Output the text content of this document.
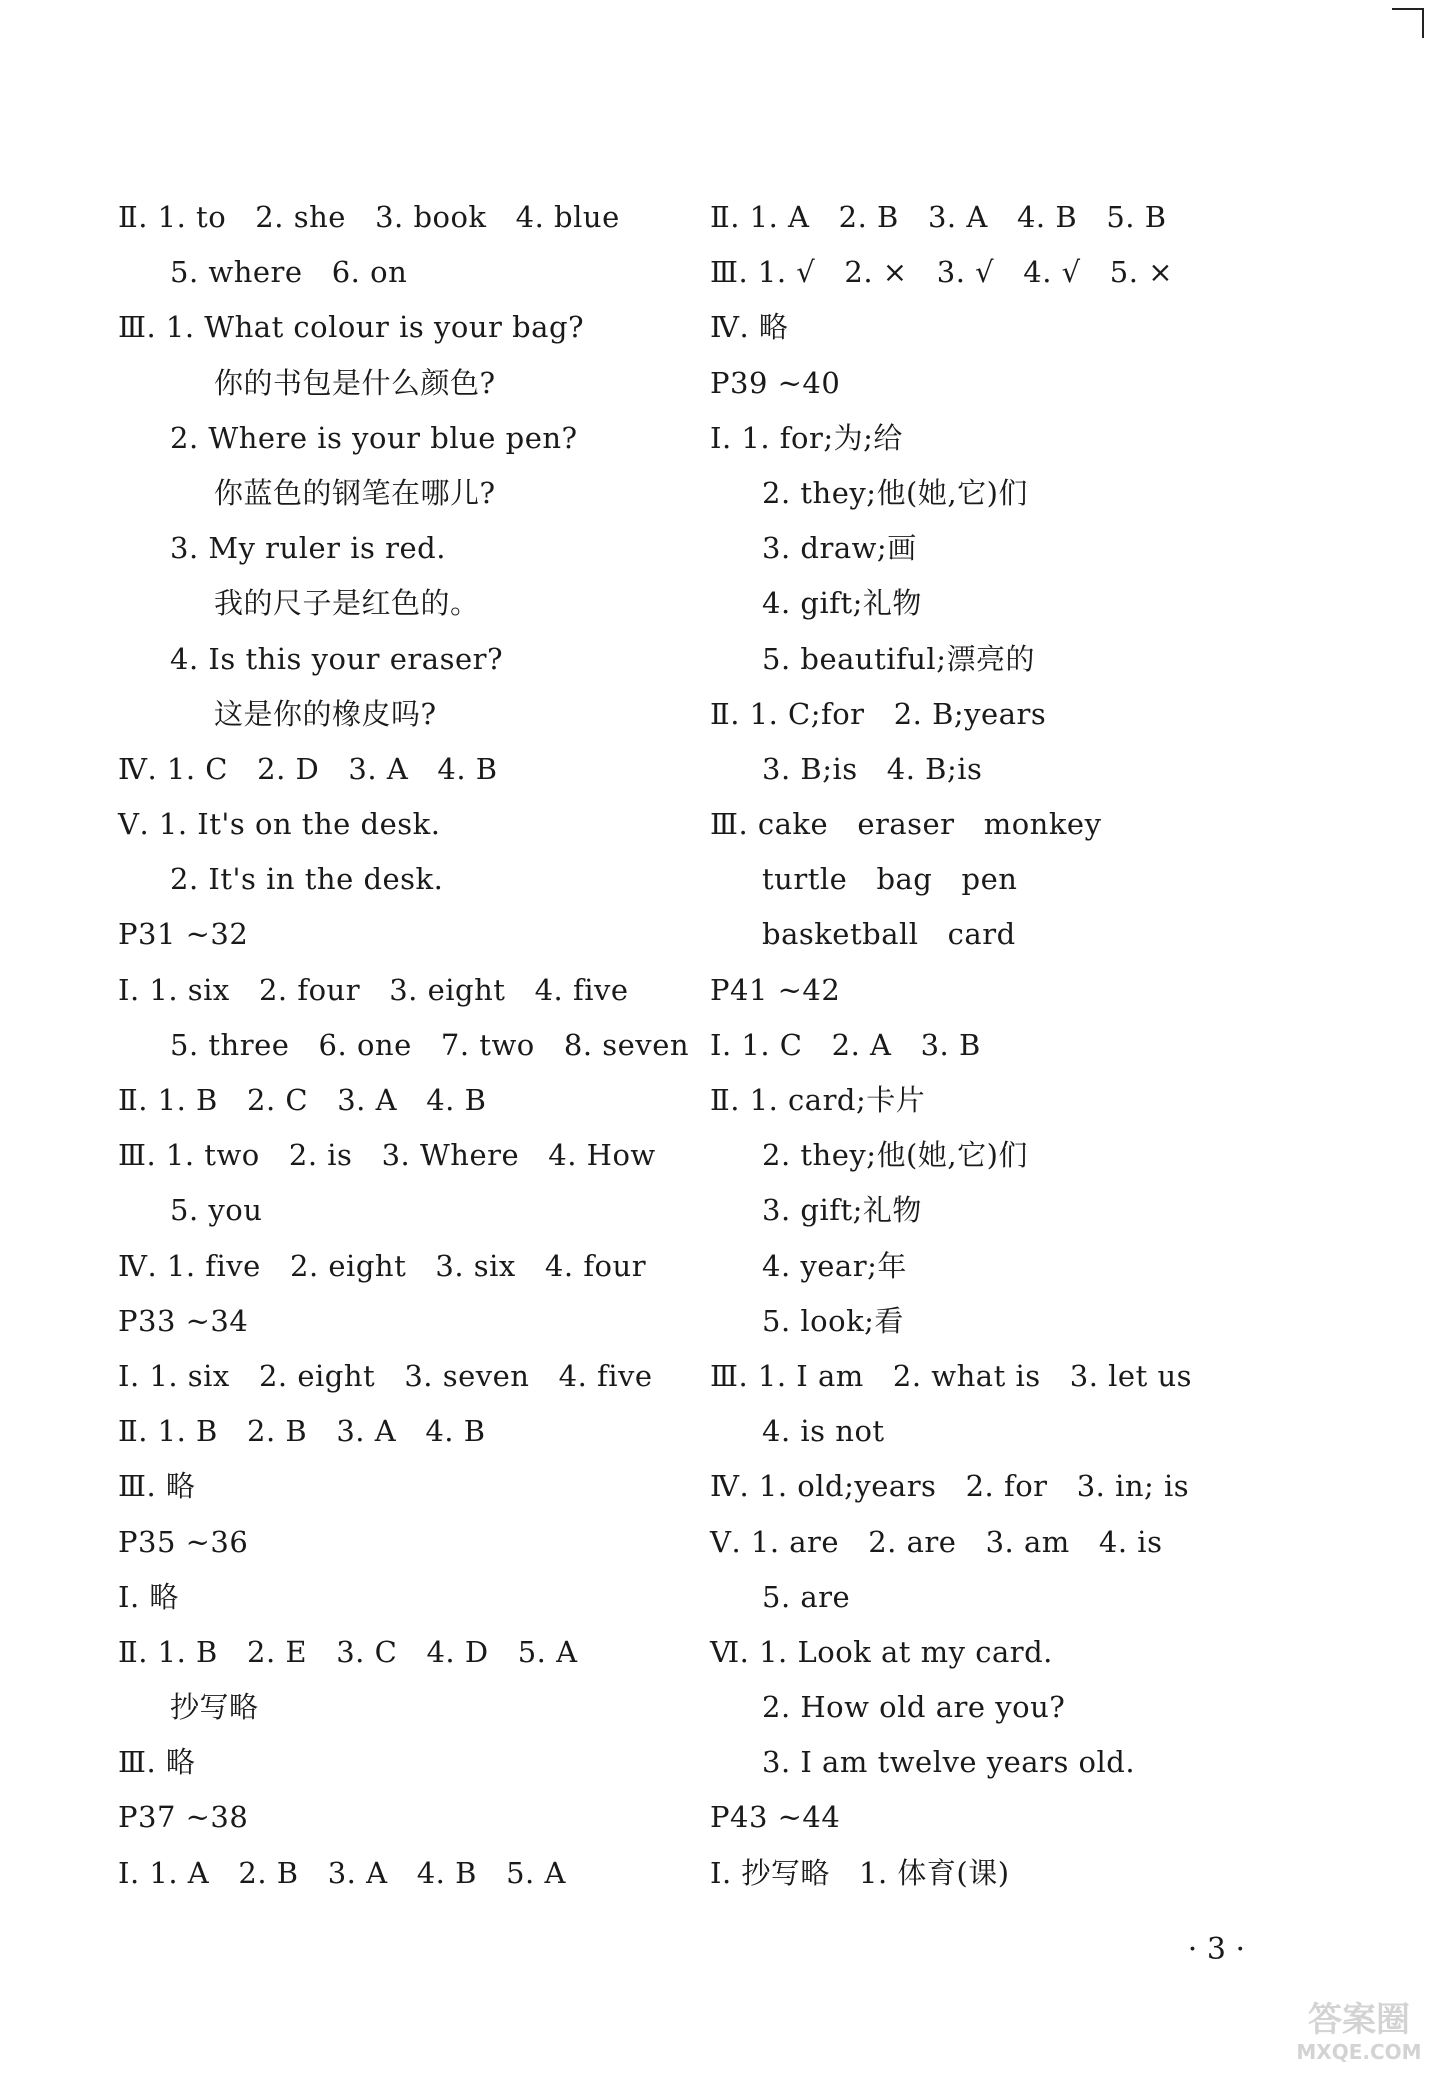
Ⅱ. 1. to   2. she   3. book   4. blue
5. where   6. on
Ⅲ. 1. What colour is your bag?
你的书包是什么颜色?
2. Where is your blue pen?
你蓝色的钢笔在哪儿?
3. My ruler is red.
我的尺子是红色的。
4. Is this your eraser?
这是你的橡皮吗?
Ⅳ. 1. C   2. D   3. A   4. B
Ⅴ. 1. It's on the desk.
2. It's in the desk.
P31 ~32
Ⅰ. 1. six   2. four   3. eight   4. five
5. three   6. one   7. two   8. seven
Ⅱ. 1. B   2. C   3. A   4. B
Ⅲ. 1. two   2. is   3. Where   4. How
5. you
Ⅳ. 1. five   2. eight   3. six   4. four
P33 ~34
Ⅰ. 1. six   2. eight   3. seven   4. five
Ⅱ. 1. B   2. B   3. A   4. B
Ⅲ. 略
P35 ~36
Ⅰ. 略
Ⅱ. 1. B   2. E   3. C   4. D   5. A
抄写略
Ⅲ. 略
P37 ~38
Ⅰ. 1. A   2. B   3. A   4. B   5. A
Ⅱ. 1. A   2. B   3. A   4. B   5. B
Ⅲ. 1. √   2. ×   3. √   4. √   5. ×
Ⅳ. 略
P39 ~40
Ⅰ. 1. for;为;给
2. they;他(她,它)们
3. draw;画
4. gift;礼物
5. beautiful;漂亮的
Ⅱ. 1. C;for   2. B;years
3. B;is   4. B;is
Ⅲ. cake   eraser   monkey
turtle   bag   pen
basketball   card
P41 ~42
Ⅰ. 1. C   2. A   3. B
Ⅱ. 1. card;卡片
2. they;他(她,它)们
3. gift;礼物
4. year;年
5. look;看
Ⅲ. 1. I am   2. what is   3. let us
4. is not
Ⅳ. 1. old;years   2. for   3. in; is
Ⅴ. 1. are   2. are   3. am   4. is
5. are
Ⅵ. 1. Look at my card.
2. How old are you?
3. I am twelve years old.
P43 ~44
Ⅰ. 抄写略   1. 体育(课)
· 3 ·
答案圈
MXQE.COM
